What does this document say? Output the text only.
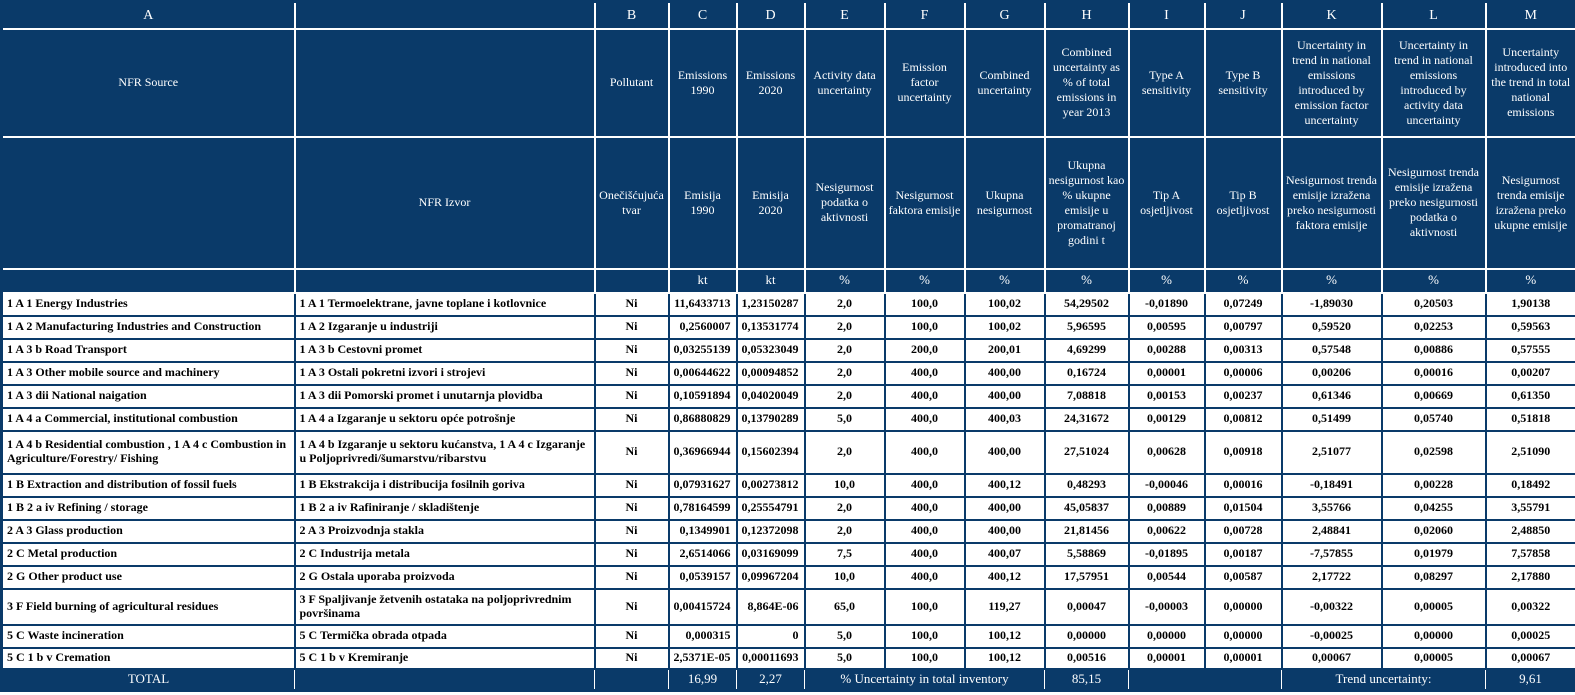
A		B	C	D	E	F	G	H	I	J	K	L	M
NFR Source		Pollutant	Emissions 1990	Emissions 2020	Activity data uncertainty	Emission factor uncertainty	Combined uncertainty	Combined uncertainty as % of total emissions in year 2013	Type A sensitivity	Type B sensitivity	Uncertainty in trend in national emissions introduced by emission factor uncertainty	Uncertainty in trend in national emissions introduced by activity data uncertainty	Uncertainty introduced into the trend in total national emissions
	NFR Izvor	Onečišćujuća tvar	Emisija 1990	Emisija 2020	Nesigurnost podatka o aktivnosti	Nesigurnost faktora emisije	Ukupna nesigurnost	Ukupna nesigurnost kao % ukupne emisije u promatranoj godini t	Tip A osjetljivost	Tip B osjetljivost	Nesigurnost trenda emisije izražena preko nesigurnosti faktora emisije	Nesigurnost trenda emisije izražena preko nesigurnosti podatka o aktivnosti	Nesigurnost trenda emisije izražena preko ukupne emisije
			kt	kt	%	%	%	%	%	%	%	%	%
1 A 1 Energy Industries	1 A 1 Termoelektrane, javne toplane i kotlovnice	Ni	11,6433713	1,23150287	2,0	100,0	100,02	54,29502	-0,01890	0,07249	-1,89030	0,20503	1,90138
1 A 2 Manufacturing Industries and Construction	1 A 2 Izgaranje u industriji	Ni	0,2560007	0,13531774	2,0	100,0	100,02	5,96595	0,00595	0,00797	0,59520	0,02253	0,59563
1 A 3 b Road Transport	1 A 3 b Cestovni promet	Ni	0,03255139	0,05323049	2,0	200,0	200,01	4,69299	0,00288	0,00313	0,57548	0,00886	0,57555
1 A 3 Other mobile source and machinery	1 A 3 Ostali pokretni izvori i strojevi	Ni	0,00644622	0,00094852	2,0	400,0	400,00	0,16724	0,00001	0,00006	0,00206	0,00016	0,00207
1 A 3 dii National naigation	1 A 3 dii Pomorski promet i unutarnja plovidba	Ni	0,10591894	0,04020049	2,0	400,0	400,00	7,08818	0,00153	0,00237	0,61346	0,00669	0,61350
1 A 4 a Commercial, institutional combustion	1 A 4 a Izgaranje u sektoru opće potrošnje	Ni	0,86880829	0,13790289	5,0	400,0	400,03	24,31672	0,00129	0,00812	0,51499	0,05740	0,51818
1 A 4 b Residential combustion , 1 A 4 c Combustion in Agriculture/Forestry/ Fishing	1 A 4 b Izgaranje u sektoru kućanstva, 1 A 4 c Izgaranje u Poljoprivredi/šumarstvu/ribarstvu	Ni	0,36966944	0,15602394	2,0	400,0	400,00	27,51024	0,00628	0,00918	2,51077	0,02598	2,51090
1 B Extraction and distribution of fossil fuels	1 B Ekstrakcija i distribucija fosilnih goriva	Ni	0,07931627	0,00273812	10,0	400,0	400,12	0,48293	-0,00046	0,00016	-0,18491	0,00228	0,18492
1 B 2 a iv Refining / storage	1 B 2 a iv Rafiniranje / skladištenje	Ni	0,78164599	0,25554791	2,0	400,0	400,00	45,05837	0,00889	0,01504	3,55766	0,04255	3,55791
2 A 3 Glass production	2 A 3 Proizvodnja stakla	Ni	0,1349901	0,12372098	2,0	400,0	400,00	21,81456	0,00622	0,00728	2,48841	0,02060	2,48850
2 C Metal production	2 C Industrija metala	Ni	2,6514066	0,03169099	7,5	400,0	400,07	5,58869	-0,01895	0,00187	-7,57855	0,01979	7,57858
2 G Other product use	2 G Ostala uporaba proizvoda	Ni	0,0539157	0,09967204	10,0	400,0	400,12	17,57951	0,00544	0,00587	2,17722	0,08297	2,17880
3 F Field burning of agricultural residues	3 F Spaljivanje žetvenih ostataka na poljoprivrednim površinama	Ni	0,00415724	8,864E-06	65,0	100,0	119,27	0,00047	-0,00003	0,00000	-0,00322	0,00005	0,00322
5 C Waste incineration	5 C Termička obrada otpada	Ni	0,000315	0	5,0	100,0	100,12	0,00000	0,00000	0,00000	-0,00025	0,00000	0,00025
5 C 1 b v Cremation	5 C 1 b v Kremiranje	Ni	2,5371E-05	0,00011693	5,0	100,0	100,12	0,00516	0,00001	0,00001	0,00067	0,00005	0,00067
TOTAL			16,99	2,27	% Uncertainty in total inventory			85,15			Trend uncertainty:		9,61
